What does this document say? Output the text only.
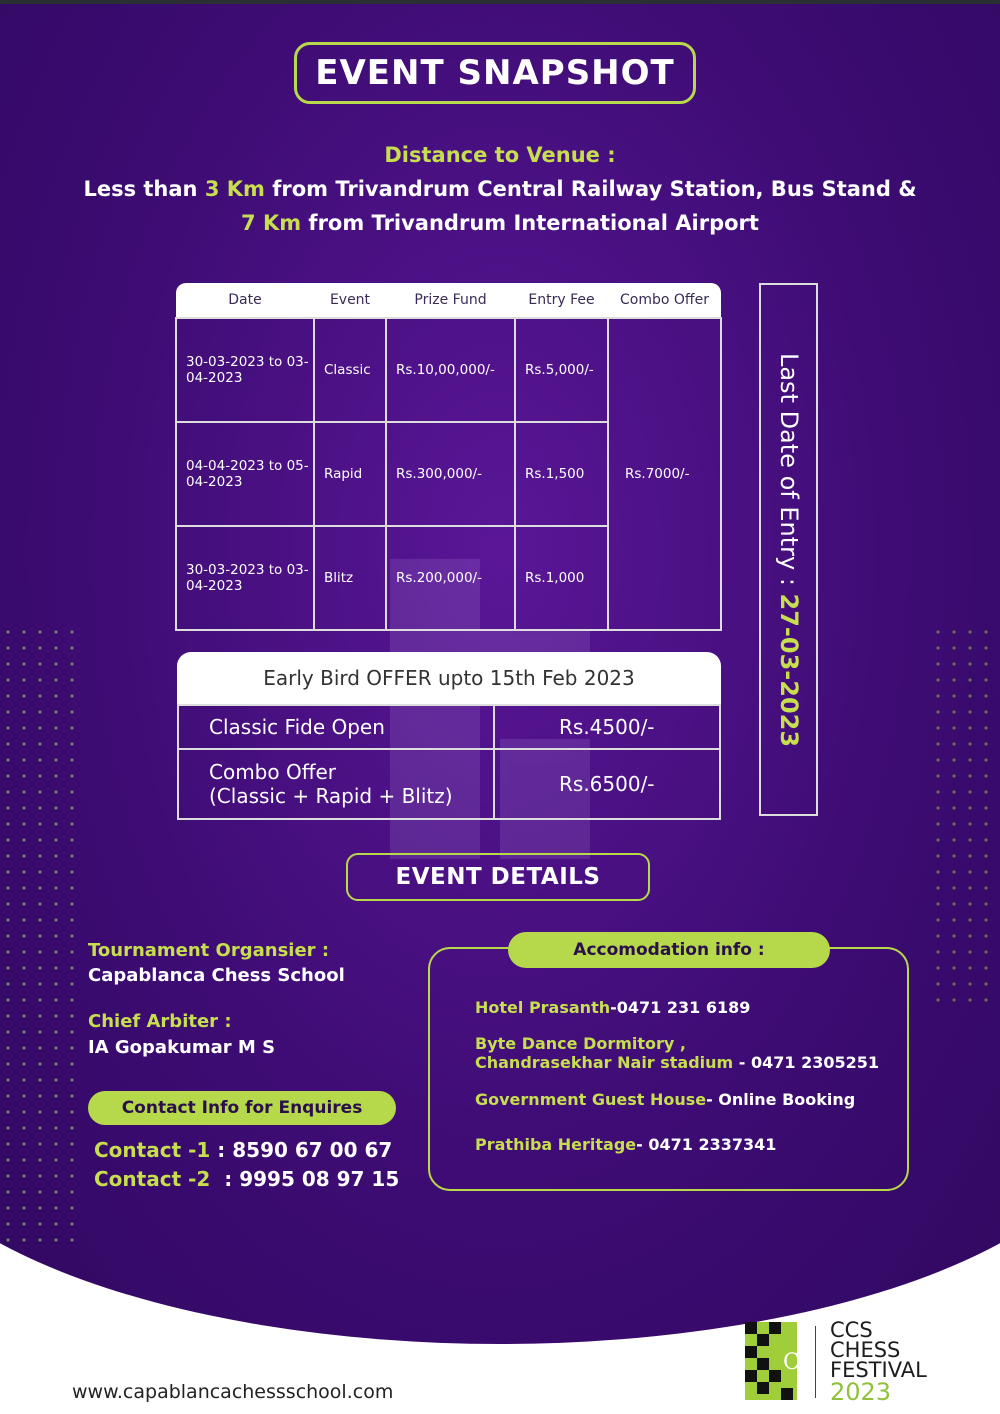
EVENT SNAPSHOT
Distance to Venue :
Less than 3 Km from Trivandrum Central Railway Station, Bus Stand &
7 Km from Trivandrum International Airport
Date	Event	Prize Fund	Entry Fee	Combo Offer
30-03-2023 to 03-04-2023	Classic	Rs.10,00,000/-	Rs.5,000/-	Rs.7000/-
04-04-2023 to 05-04-2023	Rapid	Rs.300,000/-	Rs.1,500	
30-03-2023 to 03-04-2023	Blitz	Rs.200,000/-	Rs.1,000		Last Date of Entry : 27-03-2023
Early Bird OFFER upto 15th Feb 2023
Classic Fide Open	Rs.4500/-
Combo Offer
(Classic + Rapid + Blitz)	Rs.6500/-
EVENT DETAILS
Tournament Organsier :
Capablanca Chess School
Chief Arbiter :
IA Gopakumar M S
Contact Info for Enquires
Contact -1 : 8590 67 00 67
Contact -2  : 9995 08 97 15
Accomodation info :
Hotel Prasanth-0471 231 6189
Byte Dance Dormitory ,
Chandrasekhar Nair stadium - 0471 2305251
Government Guest House- Online Booking
Prathiba Heritage- 0471 2337341
www.capablancachessschool.com
C
CCS
CHESS
FESTIVAL
2023
